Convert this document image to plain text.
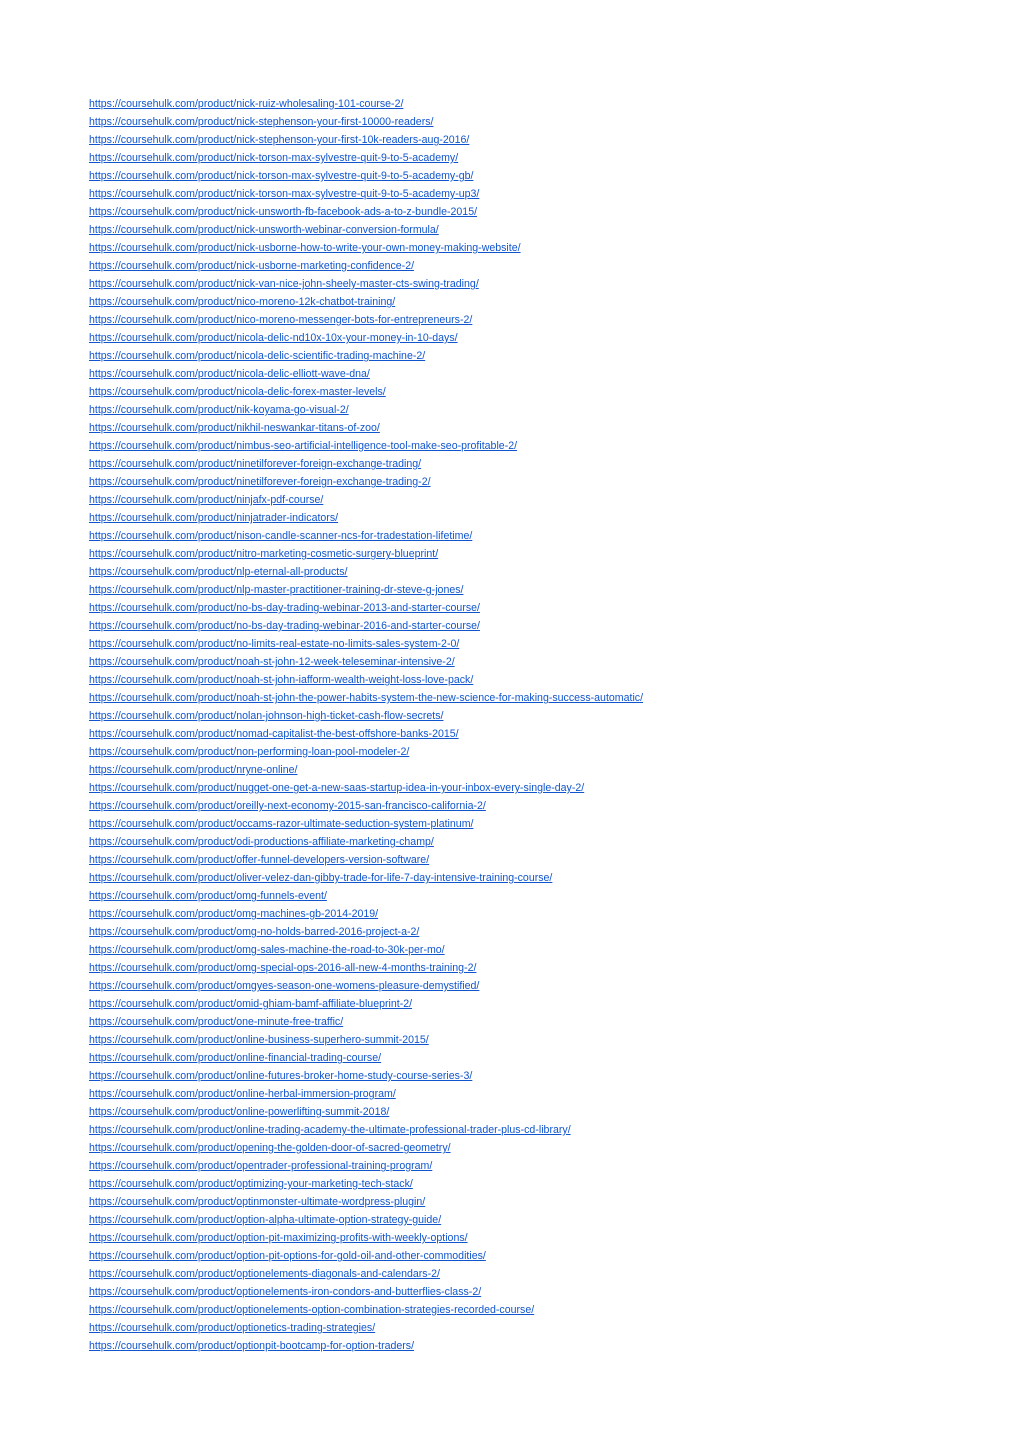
https://coursehulk.com/product/nick-ruiz-wholesaling-101-course-2/
https://coursehulk.com/product/nick-stephenson-your-first-10000-readers/
https://coursehulk.com/product/nick-stephenson-your-first-10k-readers-aug-2016/
https://coursehulk.com/product/nick-torson-max-sylvestre-quit-9-to-5-academy/
https://coursehulk.com/product/nick-torson-max-sylvestre-quit-9-to-5-academy-gb/
https://coursehulk.com/product/nick-torson-max-sylvestre-quit-9-to-5-academy-up3/
https://coursehulk.com/product/nick-unsworth-fb-facebook-ads-a-to-z-bundle-2015/
https://coursehulk.com/product/nick-unsworth-webinar-conversion-formula/
https://coursehulk.com/product/nick-usborne-how-to-write-your-own-money-making-website/
https://coursehulk.com/product/nick-usborne-marketing-confidence-2/
https://coursehulk.com/product/nick-van-nice-john-sheely-master-cts-swing-trading/
https://coursehulk.com/product/nico-moreno-12k-chatbot-training/
https://coursehulk.com/product/nico-moreno-messenger-bots-for-entrepreneurs-2/
https://coursehulk.com/product/nicola-delic-nd10x-10x-your-money-in-10-days/
https://coursehulk.com/product/nicola-delic-scientific-trading-machine-2/
https://coursehulk.com/product/nicola-delic-elliott-wave-dna/
https://coursehulk.com/product/nicola-delic-forex-master-levels/
https://coursehulk.com/product/nik-koyama-go-visual-2/
https://coursehulk.com/product/nikhil-neswankar-titans-of-zoo/
https://coursehulk.com/product/nimbus-seo-artificial-intelligence-tool-make-seo-profitable-2/
https://coursehulk.com/product/ninetilforever-foreign-exchange-trading/
https://coursehulk.com/product/ninetilforever-foreign-exchange-trading-2/
https://coursehulk.com/product/ninjafx-pdf-course/
https://coursehulk.com/product/ninjatrader-indicators/
https://coursehulk.com/product/nison-candle-scanner-ncs-for-tradestation-lifetime/
https://coursehulk.com/product/nitro-marketing-cosmetic-surgery-blueprint/
https://coursehulk.com/product/nlp-eternal-all-products/
https://coursehulk.com/product/nlp-master-practitioner-training-dr-steve-g-jones/
https://coursehulk.com/product/no-bs-day-trading-webinar-2013-and-starter-course/
https://coursehulk.com/product/no-bs-day-trading-webinar-2016-and-starter-course/
https://coursehulk.com/product/no-limits-real-estate-no-limits-sales-system-2-0/
https://coursehulk.com/product/noah-st-john-12-week-teleseminar-intensive-2/
https://coursehulk.com/product/noah-st-john-iafform-wealth-weight-loss-love-pack/
https://coursehulk.com/product/noah-st-john-the-power-habits-system-the-new-science-for-making-success-automatic/
https://coursehulk.com/product/nolan-johnson-high-ticket-cash-flow-secrets/
https://coursehulk.com/product/nomad-capitalist-the-best-offshore-banks-2015/
https://coursehulk.com/product/non-performing-loan-pool-modeler-2/
https://coursehulk.com/product/nryne-online/
https://coursehulk.com/product/nugget-one-get-a-new-saas-startup-idea-in-your-inbox-every-single-day-2/
https://coursehulk.com/product/oreilly-next-economy-2015-san-francisco-california-2/
https://coursehulk.com/product/occams-razor-ultimate-seduction-system-platinum/
https://coursehulk.com/product/odi-productions-affiliate-marketing-champ/
https://coursehulk.com/product/offer-funnel-developers-version-software/
https://coursehulk.com/product/oliver-velez-dan-gibby-trade-for-life-7-day-intensive-training-course/
https://coursehulk.com/product/omg-funnels-event/
https://coursehulk.com/product/omg-machines-gb-2014-2019/
https://coursehulk.com/product/omg-no-holds-barred-2016-project-a-2/
https://coursehulk.com/product/omg-sales-machine-the-road-to-30k-per-mo/
https://coursehulk.com/product/omg-special-ops-2016-all-new-4-months-training-2/
https://coursehulk.com/product/omgyes-season-one-womens-pleasure-demystified/
https://coursehulk.com/product/omid-ghiam-bamf-affiliate-blueprint-2/
https://coursehulk.com/product/one-minute-free-traffic/
https://coursehulk.com/product/online-business-superhero-summit-2015/
https://coursehulk.com/product/online-financial-trading-course/
https://coursehulk.com/product/online-futures-broker-home-study-course-series-3/
https://coursehulk.com/product/online-herbal-immersion-program/
https://coursehulk.com/product/online-powerlifting-summit-2018/
https://coursehulk.com/product/online-trading-academy-the-ultimate-professional-trader-plus-cd-library/
https://coursehulk.com/product/opening-the-golden-door-of-sacred-geometry/
https://coursehulk.com/product/opentrader-professional-training-program/
https://coursehulk.com/product/optimizing-your-marketing-tech-stack/
https://coursehulk.com/product/optinmonster-ultimate-wordpress-plugin/
https://coursehulk.com/product/option-alpha-ultimate-option-strategy-guide/
https://coursehulk.com/product/option-pit-maximizing-profits-with-weekly-options/
https://coursehulk.com/product/option-pit-options-for-gold-oil-and-other-commodities/
https://coursehulk.com/product/optionelements-diagonals-and-calendars-2/
https://coursehulk.com/product/optionelements-iron-condors-and-butterflies-class-2/
https://coursehulk.com/product/optionelements-option-combination-strategies-recorded-course/
https://coursehulk.com/product/optionetics-trading-strategies/
https://coursehulk.com/product/optionpit-bootcamp-for-option-traders/
